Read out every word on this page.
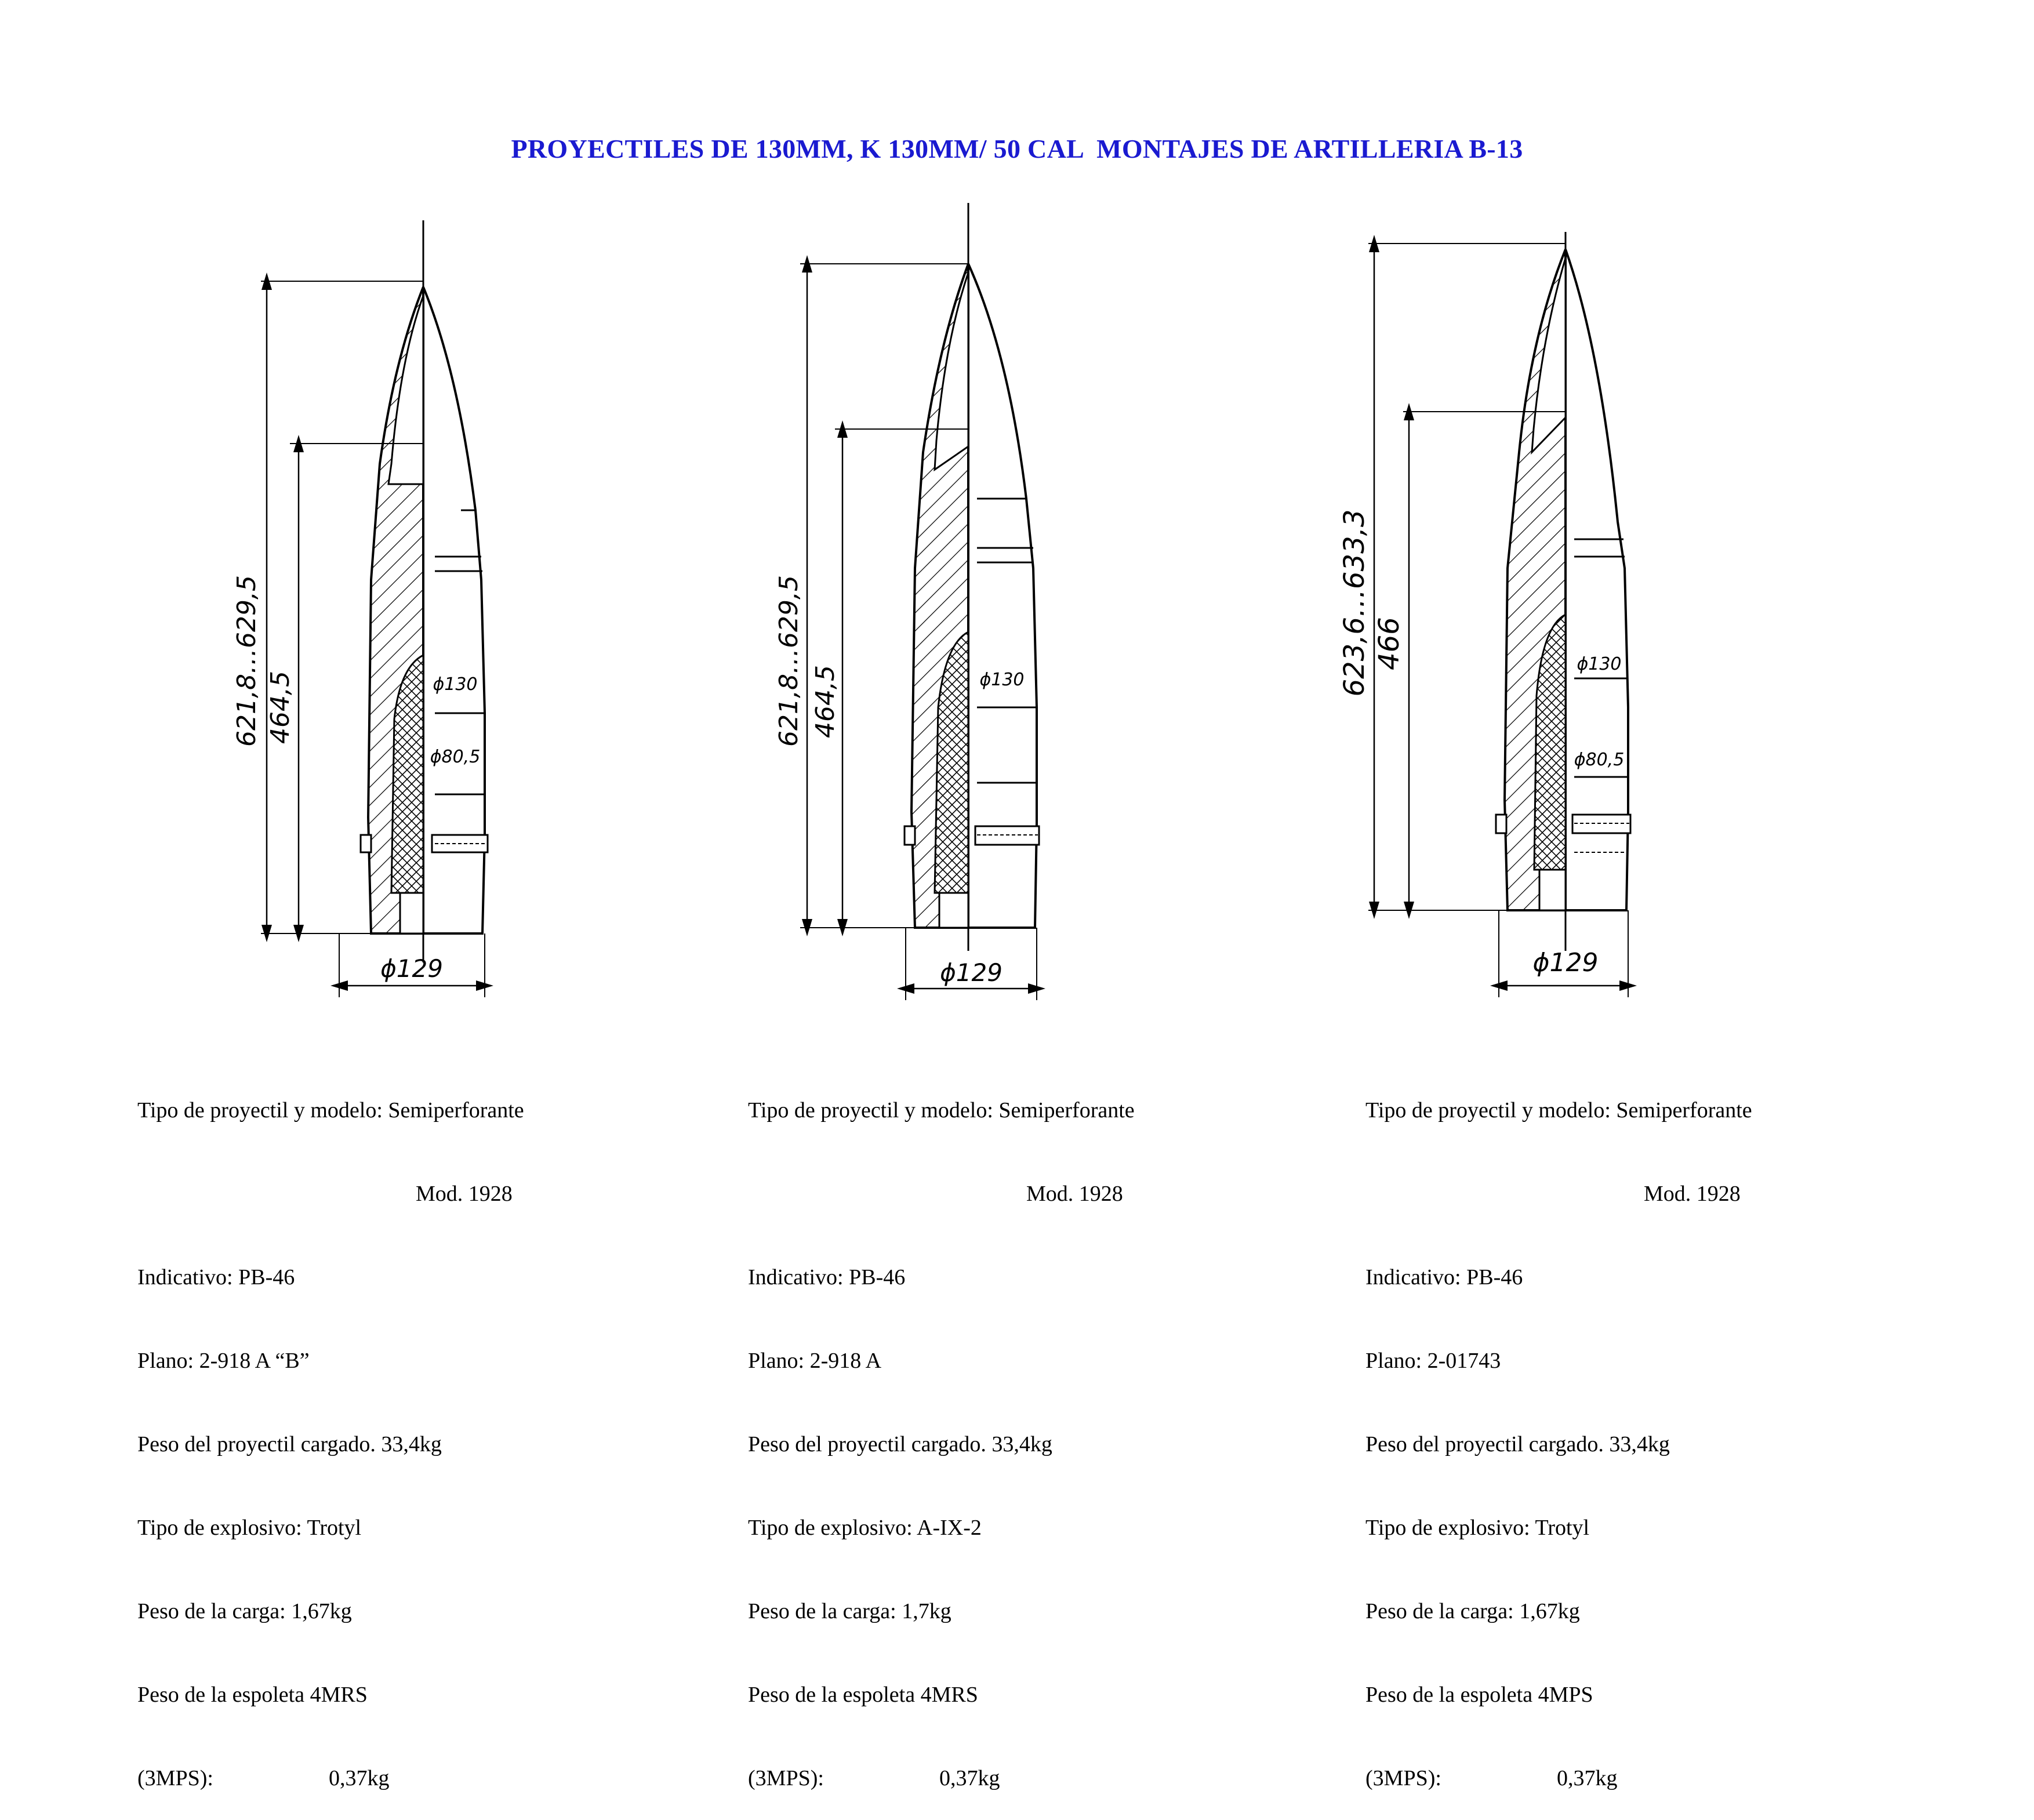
PROYECTILES DE 130MM, K 130MM/ 50 CAL  MONTAJES DE ARTILLERIA B-13
621,8…629,5 464,5
ϕ129
ϕ130
ϕ80,5
621,8…629,5 464,5
ϕ129
ϕ130	623,6…633,3 466
ϕ129
ϕ130
ϕ80,5

Tipo de proyectil y modelo: Semiperforante

Mod. 1928

Indicativo: PB-46

Plano: 2-918 A “B”

Peso del proyectil cargado. 33,4kg

Tipo de explosivo: Trotyl

Peso de la carga: 1,67kg

Peso de la espoleta 4MRS

(3MPS):	0,37kg

Tipo de proyectil y modelo: Semiperforante

Mod. 1928

Indicativo: PB-46

Plano: 2-918 A

Peso del proyectil cargado. 33,4kg

Tipo de explosivo: A-IX-2

Peso de la carga: 1,7kg

Peso de la espoleta 4MRS

(3MPS):	0,37kg

Tipo de proyectil y modelo: Semiperforante

Mod. 1928

Indicativo: PB-46

Plano: 2-01743

Peso del proyectil cargado. 33,4kg

Tipo de explosivo: Trotyl

Peso de la carga: 1,67kg

Peso de la espoleta 4MPS

(3MPS):	0,37kg
